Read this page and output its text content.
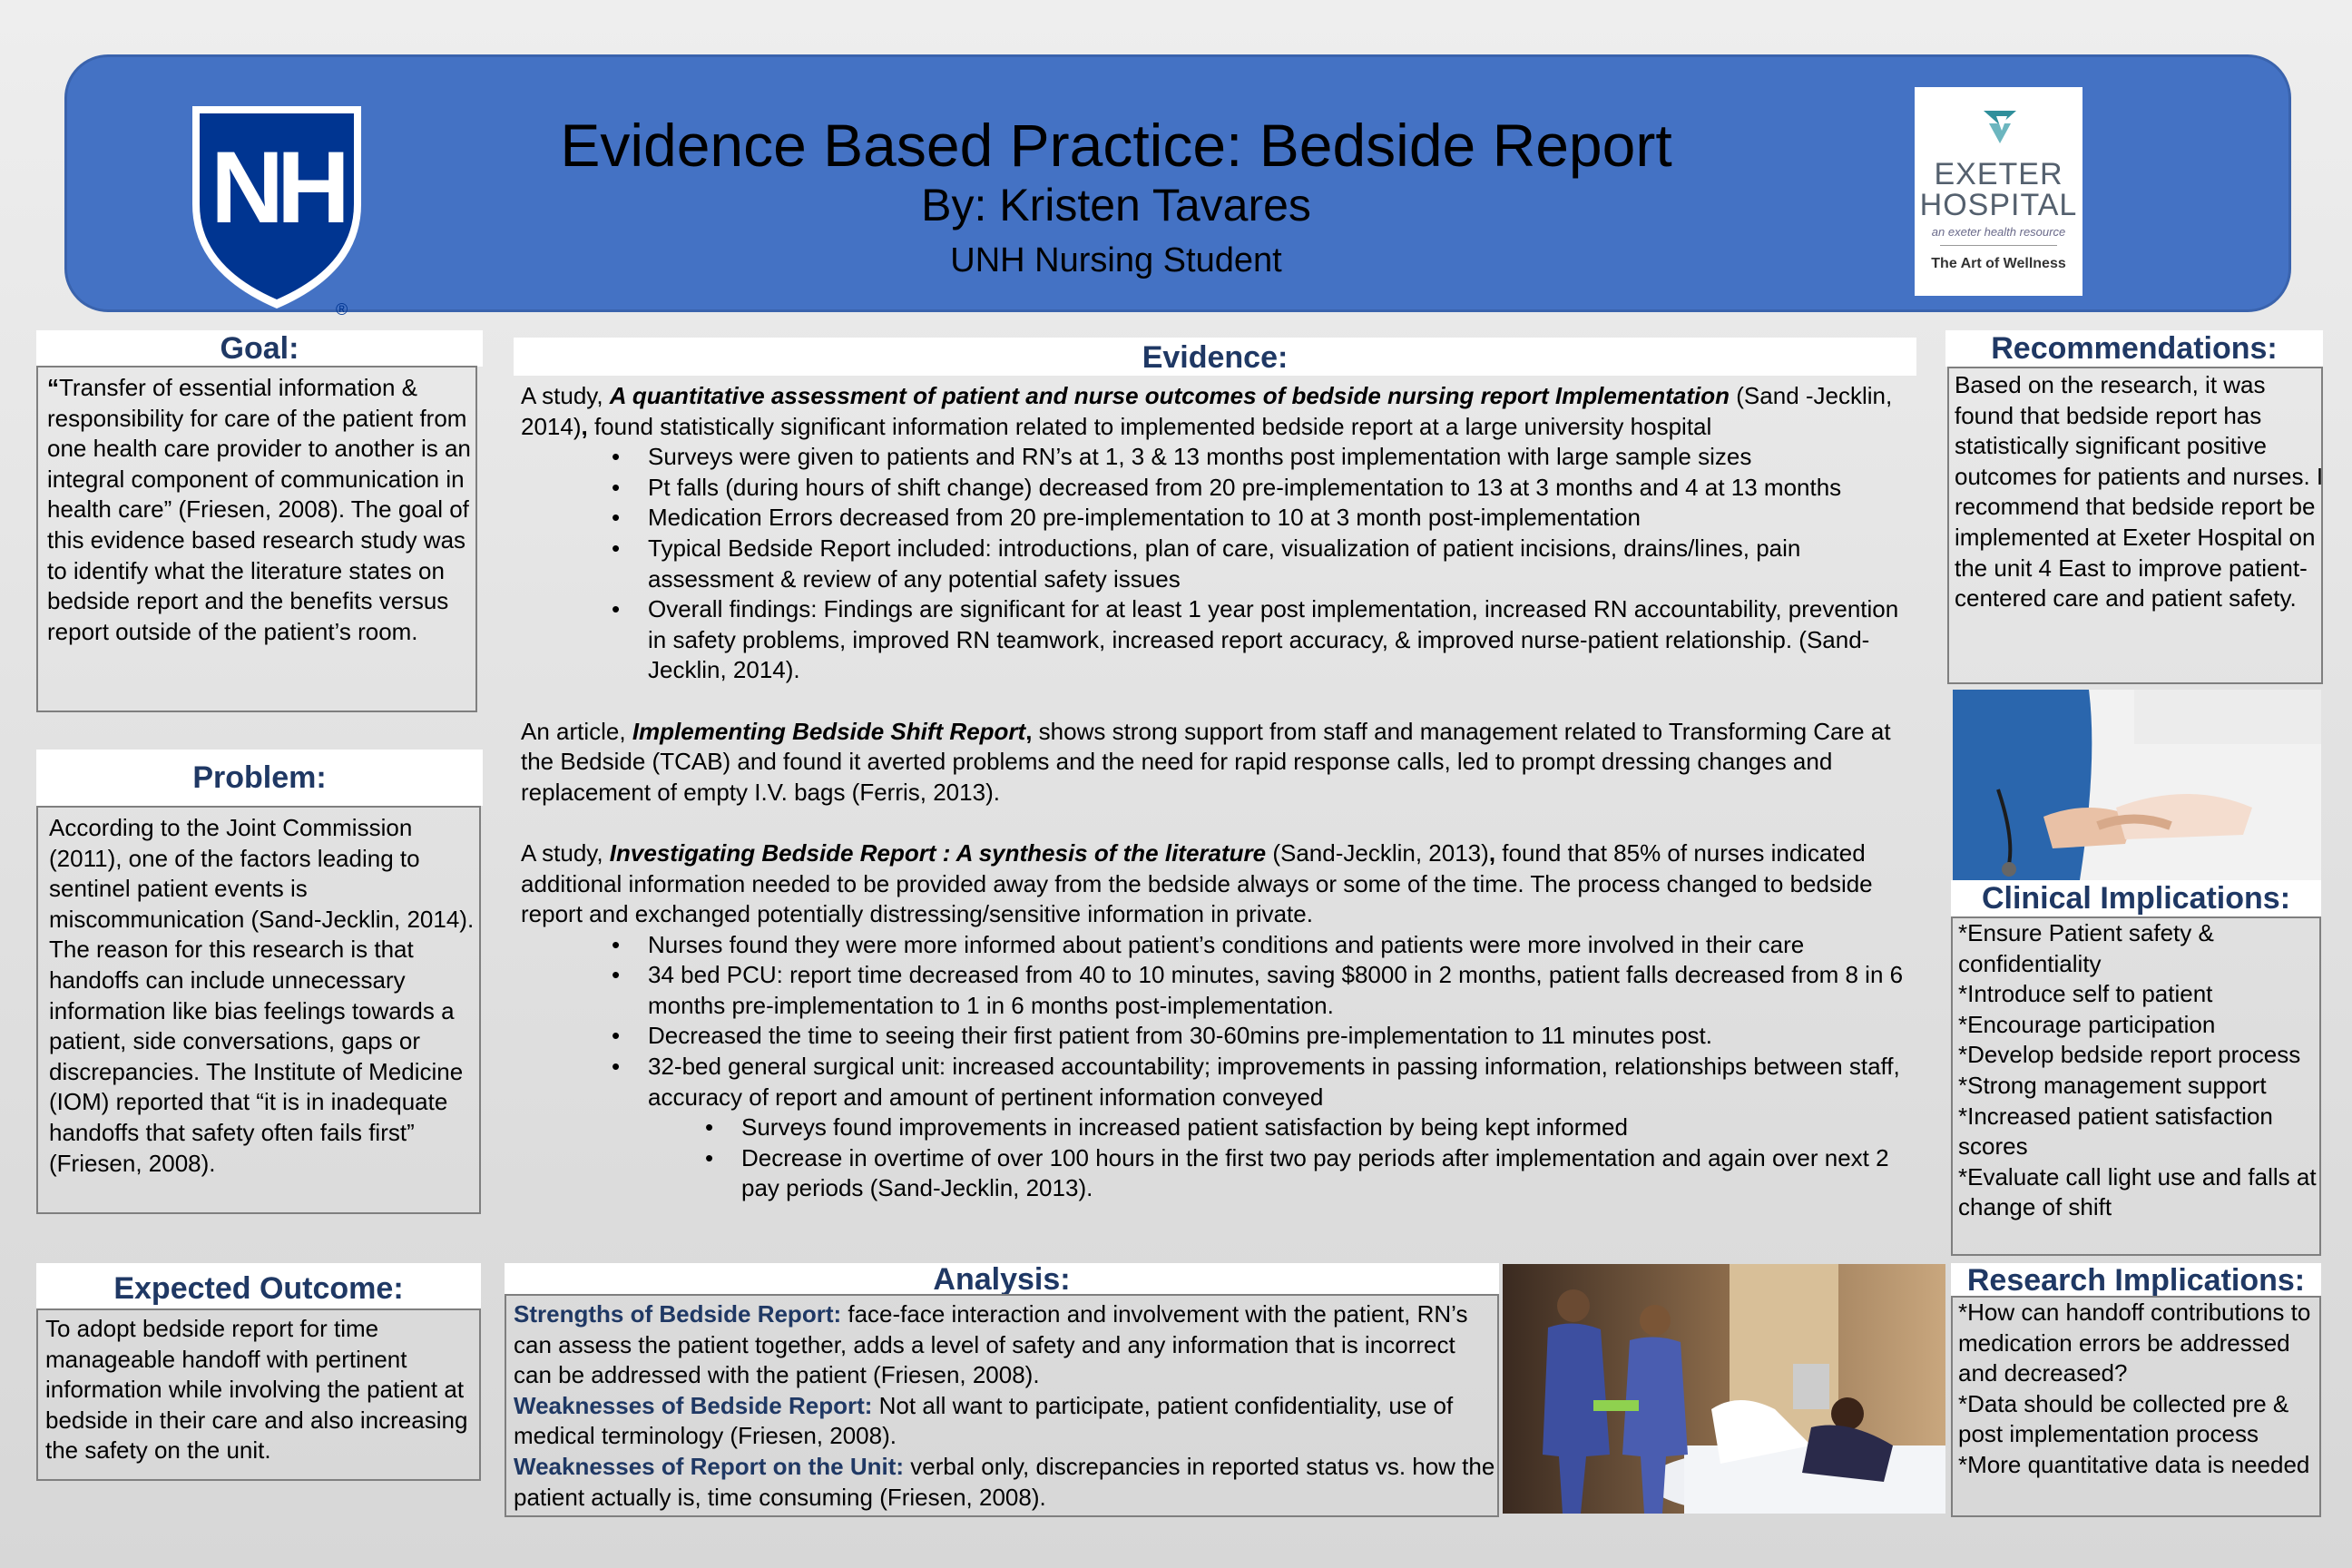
NH
®
Evidence Based Practice: Bedside Report
By: Kristen Tavares
UNH Nursing Student
EXETER
HOSPITAL
an exeter health resource
The Art of Wellness
Goal:
“Transfer of essential information & responsibility for care of the patient from one health care provider to another is an integral component of communication in health care” (Friesen, 2008). The goal of this evidence based research study was to identify what the literature states on bedside report and the benefits versus report outside of the patient’s room.
Problem:
According to the Joint Commission (2011), one of the factors leading to sentinel patient events is miscommunication (Sand-Jecklin, 2014). The reason for this research is that handoffs can include unnecessary information like bias feelings towards a patient, side conversations, gaps or discrepancies. The Institute of Medicine (IOM) reported that “it is in inadequate handoffs that safety often fails first” (Friesen, 2008).
Expected Outcome:
To adopt bedside report for time manageable handoff with pertinent information while involving the patient at bedside in their care and also increasing the safety on the unit.
Evidence:
A study, A quantitative assessment of patient and nurse outcomes of bedside nursing report Implementation (Sand -Jecklin, 2014), found statistically significant information related to implemented bedside report at a large university hospital
• Surveys were given to patients and RN’s at 1, 3 & 13 months post implementation with large sample sizes
• Pt falls (during hours of shift change) decreased from 20 pre-implementation to 13 at 3 months and 4 at 13 months
• Medication Errors decreased from 20 pre-implementation to 10 at 3 month post-implementation
• Typical Bedside Report included: introductions, plan of care, visualization of patient incisions, drains/lines, pain assessment & review of any potential safety issues
• Overall findings: Findings are significant for at least 1 year post implementation, increased RN accountability, prevention in safety problems, improved RN teamwork, increased report accuracy, & improved nurse-patient relationship. (Sand-Jecklin, 2014).
An article, Implementing Bedside Shift Report, shows strong support from staff and management related to Transforming Care at the Bedside (TCAB) and found it averted problems and the need for rapid response calls, led to prompt dressing changes and replacement of empty I.V. bags (Ferris, 2013).
A study, Investigating Bedside Report : A synthesis of the literature (Sand-Jecklin, 2013), found that 85% of nurses indicated additional information needed to be provided away from the bedside always or some of the time. The process changed to bedside report and exchanged potentially distressing/sensitive information in private.
• Nurses found they were more informed about patient’s conditions and patients were more involved in their care
• 34 bed PCU: report time decreased from 40 to 10 minutes, saving $8000 in 2 months, patient falls decreased from 8 in 6 months pre-implementation to 1 in 6 months post-implementation.
• Decreased the time to seeing their first patient from 30-60mins pre-implementation to 11 minutes post.
• 32-bed general surgical unit: increased accountability; improvements in passing information, relationships between staff, accuracy of report and amount of pertinent information conveyed
• Surveys found improvements in increased patient satisfaction by being kept informed
• Decrease in overtime of over 100 hours in the first two pay periods after implementation and again over next 2 pay periods (Sand-Jecklin, 2013).
Analysis:
Strengths of Bedside Report: face-face interaction and involvement with the patient, RN’s can assess the patient together, adds a level of safety and any information that is incorrect can be addressed with the patient (Friesen, 2008).
Weaknesses of Bedside Report: Not all want to participate, patient confidentiality, use of medical terminology (Friesen, 2008).
Weaknesses of Report on the Unit: verbal only, discrepancies in reported status vs. how the patient actually is, time consuming (Friesen, 2008).
Recommendations:
Based on the research, it was found that bedside report has statistically significant positive outcomes for patients and nurses. I recommend that bedside report be implemented at Exeter Hospital on the unit 4 East to improve patient-centered care and patient safety.
Clinical Implications:
*Ensure Patient safety & confidentiality
*Introduce self to patient
*Encourage participation
*Develop bedside report process
*Strong management support
*Increased patient satisfaction scores
*Evaluate call light use and falls at change of shift
Research Implications:
*How can handoff contributions to medication errors be addressed and decreased?
*Data should be collected pre & post implementation process
*More quantitative data is needed
